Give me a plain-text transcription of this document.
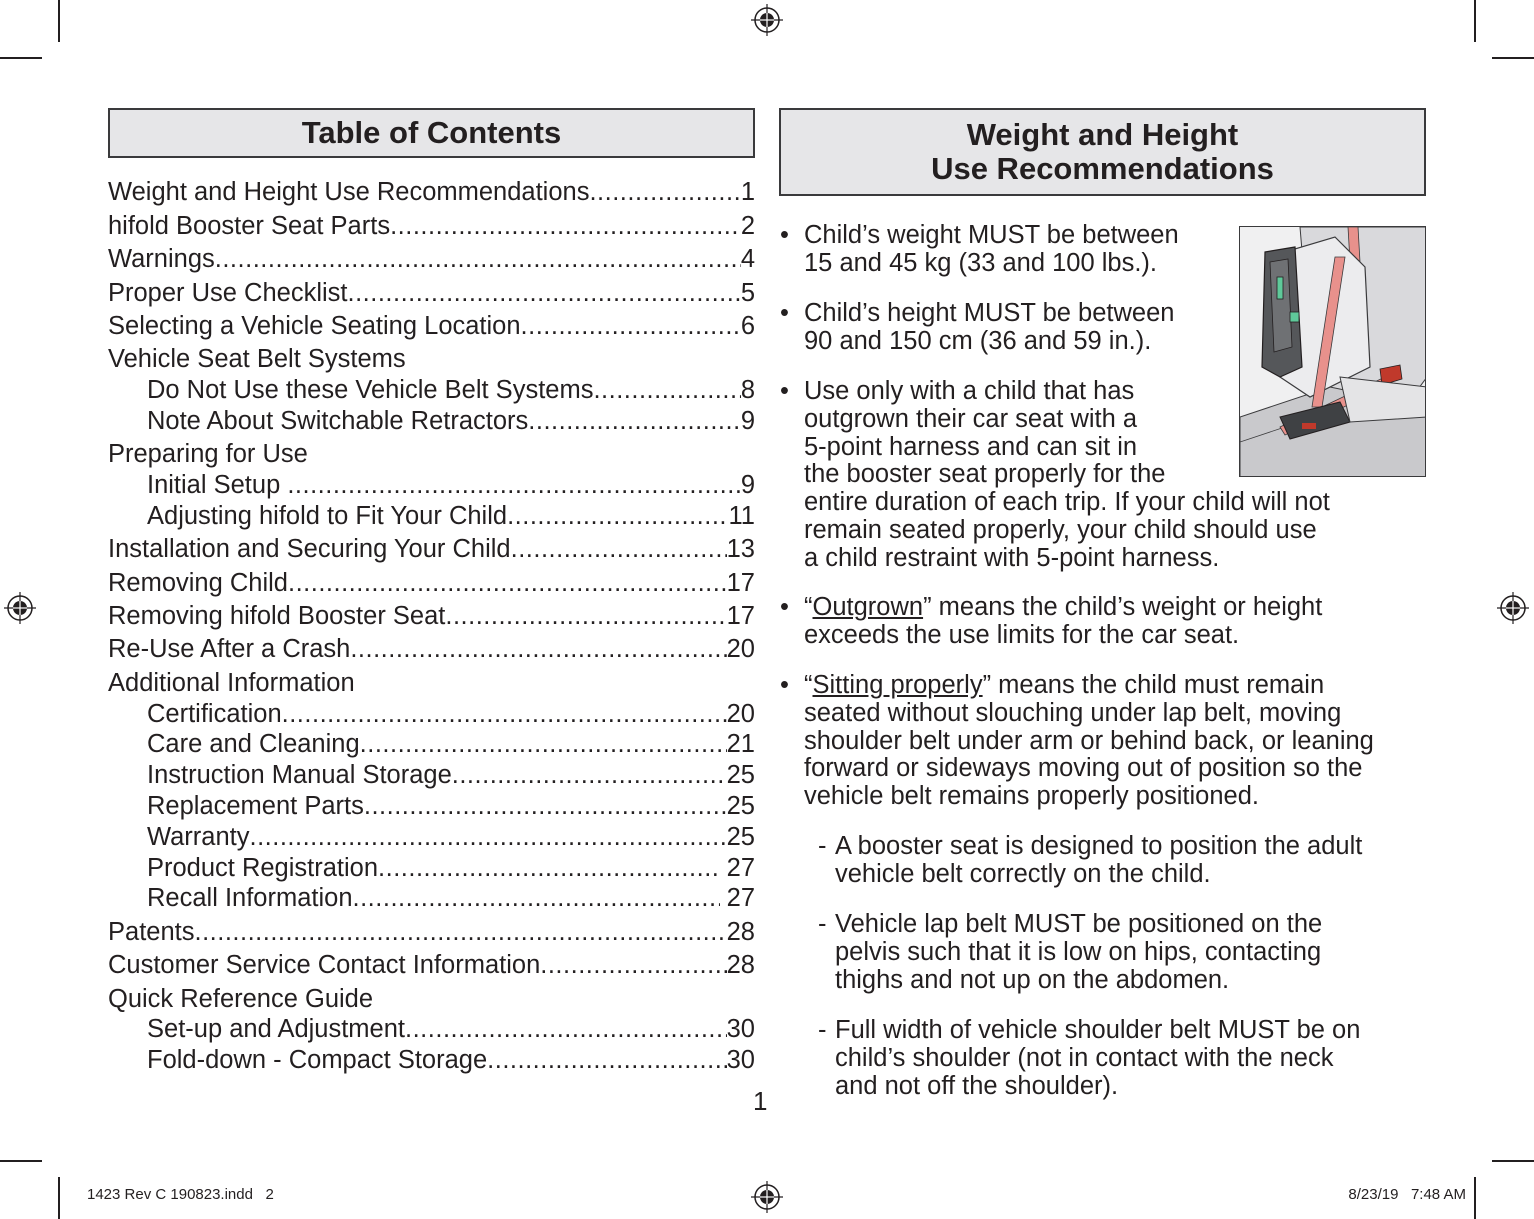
Table of Contents
Weight and Height Use Recommendations .....	1
hifold Booster Seat Parts .....	2
Warnings .....	4
Proper Use Checklist .....	5
Selecting a Vehicle Seating Location .....	6
Vehicle Seat Belt Systems
Do Not Use these Vehicle Belt Systems .....	8
Note About Switchable Retractors .....	9
Preparing for Use
Initial Setup .....	9
Adjusting hifold to Fit Your Child .....	11
Installation and Securing Your Child .....	13
Removing Child .....	17
Removing hifold Booster Seat .....	17
Re-Use After a Crash .....	20
Additional Information
Certification .....	20
Care and Cleaning .....	21
Instruction Manual Storage .....	25
Replacement Parts .....	25
Warranty .....	25
Product Registration .....	27
Recall Information .....	27
Patents .....	28
Customer Service Contact Information .....	28
Quick Reference Guide
Set-up and Adjustment .....	30
Fold-down - Compact Storage .....	30
1
Weight and Height
Use Recommendations
• Child’s weight MUST be between
15 and 45 kg (33 and 100 lbs.).
• Child’s height MUST be between
90 and 150 cm (36 and 59 in.).
• Use only with a child that has
outgrown their car seat with a
5-point harness and can sit in
the booster seat properly for the
entire duration of each trip. If your child will not
remain seated properly, your child should use
a child restraint with 5-point harness.
• “Outgrown” means the child’s weight or height
exceeds the use limits for the car seat.
• “Sitting properly” means the child must remain
seated without slouching under lap belt, moving
shoulder belt under arm or behind back, or leaning
forward or sideways moving out of position so the
vehicle belt remains properly positioned.
- A booster seat is designed to position the adult
vehicle belt correctly on the child.
- Vehicle lap belt MUST be positioned on the
pelvis such that it is low on hips, contacting
thighs and not up on the abdomen.
- Full width of vehicle shoulder belt MUST be on
child’s shoulder (not in contact with the neck
and not off the shoulder).
1423 Rev C 190823.indd   2	8/23/19   7:48 AM
